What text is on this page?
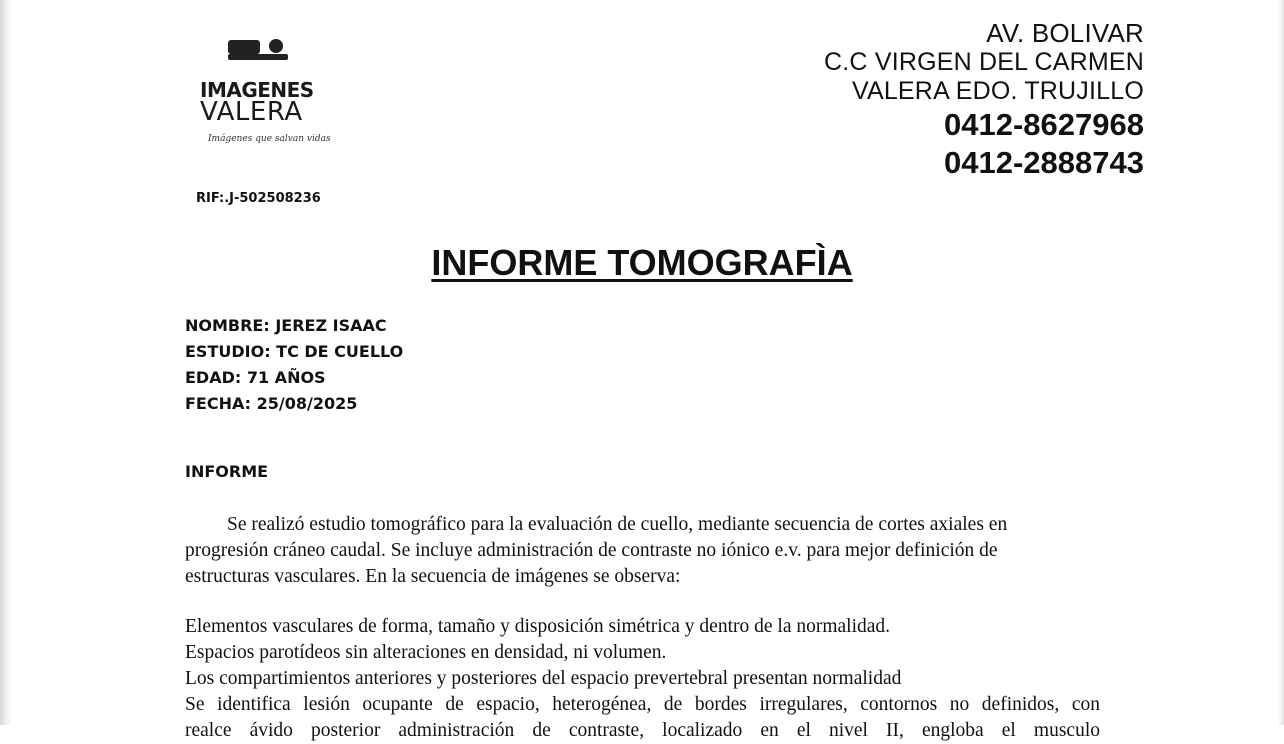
IMAGENES
VALERA
Imágenes que salvan vidas
RIF:.J-502508236
AV. BOLIVAR
C.C VIRGEN DEL CARMEN
VALERA EDO. TRUJILLO
0412-8627968
0412-2888743
INFORME TOMOGRAFÌA
NOMBRE: JEREZ ISAAC
ESTUDIO: TC DE CUELLO
EDAD: 71 AÑOS
FECHA: 25/08/2025
INFORME

Se realizó estudio tomográfico para la evaluación de cuello, mediante secuencia de cortes axiales en

progresión cráneo caudal. Se incluye administración de contraste no iónico e.v. para mejor definición de
estructuras vasculares. En la secuencia de imágenes se observa:

Elementos vasculares de forma, tamaño y disposición simétrica y dentro de la normalidad.
Espacios parotídeos sin alteraciones en densidad, ni volumen.
Los compartimientos anteriores y posteriores del espacio prevertebral presentan normalidad
Se identifica lesión ocupante de espacio, heterogénea, de bordes irregulares, contornos no definidos, con
realce ávido posterior administración de contraste, localizado en el nivel II, engloba el musculo
